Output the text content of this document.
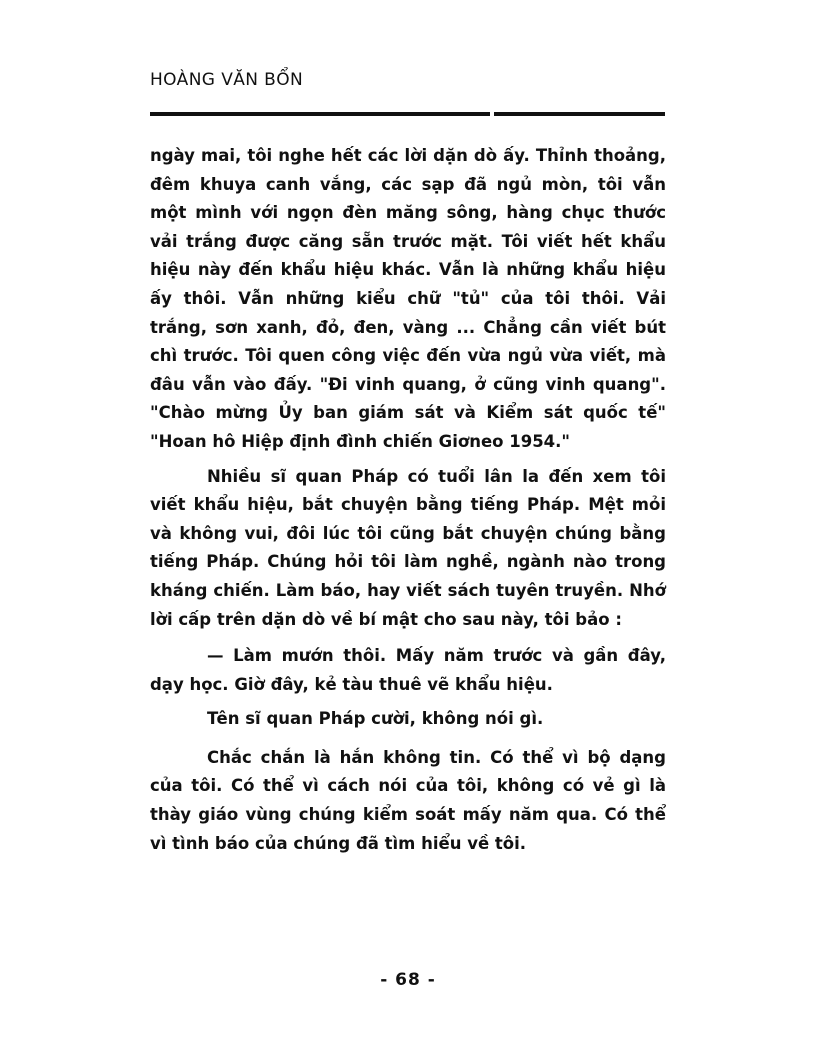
HOÀNG VĂN BỔN

ngày mai, tôi nghe hết các lời dặn dò ấy. Thỉnh thoảng, đêm khuya canh vắng, các sạp đã ngủ mòn, tôi vẫn một mình với ngọn đèn măng sông, hàng chục thước vải trắng được căng sẵn trước mặt. Tôi viết hết khẩu hiệu này đến khẩu hiệu khác. Vẫn là những khẩu hiệu ấy thôi. Vẫn những kiểu chữ "tủ" của tôi thôi. Vải trắng, sơn xanh, đỏ, đen, vàng ... Chẳng cần viết bút chì trước. Tôi quen công việc đến vừa ngủ vừa viết, mà đâu vẫn vào đấy. "Đi vinh quang, ở cũng vinh quang". "Chào mừng Ủy ban giám sát và Kiểm sát quốc tế" "Hoan hô Hiệp định đình chiến Giơneo 1954."

Nhiều sĩ quan Pháp có tuổi lân la đến xem tôi viết khẩu hiệu, bắt chuyện bằng tiếng Pháp. Mệt mỏi và không vui, đôi lúc tôi cũng bắt chuyện chúng bằng tiếng Pháp. Chúng hỏi tôi làm nghề, ngành nào trong kháng chiến. Làm báo, hay viết sách tuyên truyền. Nhớ lời cấp trên dặn dò về bí mật cho sau này, tôi bảo :

— Làm mướn thôi. Mấy năm trước và gần đây, dạy học. Giờ đây, kẻ tàu thuê vẽ khẩu hiệu.

Tên sĩ quan Pháp cười, không nói gì.

Chắc chắn là hắn không tin. Có thể vì bộ dạng của tôi. Có thể vì cách nói của tôi, không có vẻ gì là thày giáo vùng chúng kiểm soát mấy năm qua. Có thể vì tình báo của chúng đã tìm hiểu về tôi.

- 68 -
